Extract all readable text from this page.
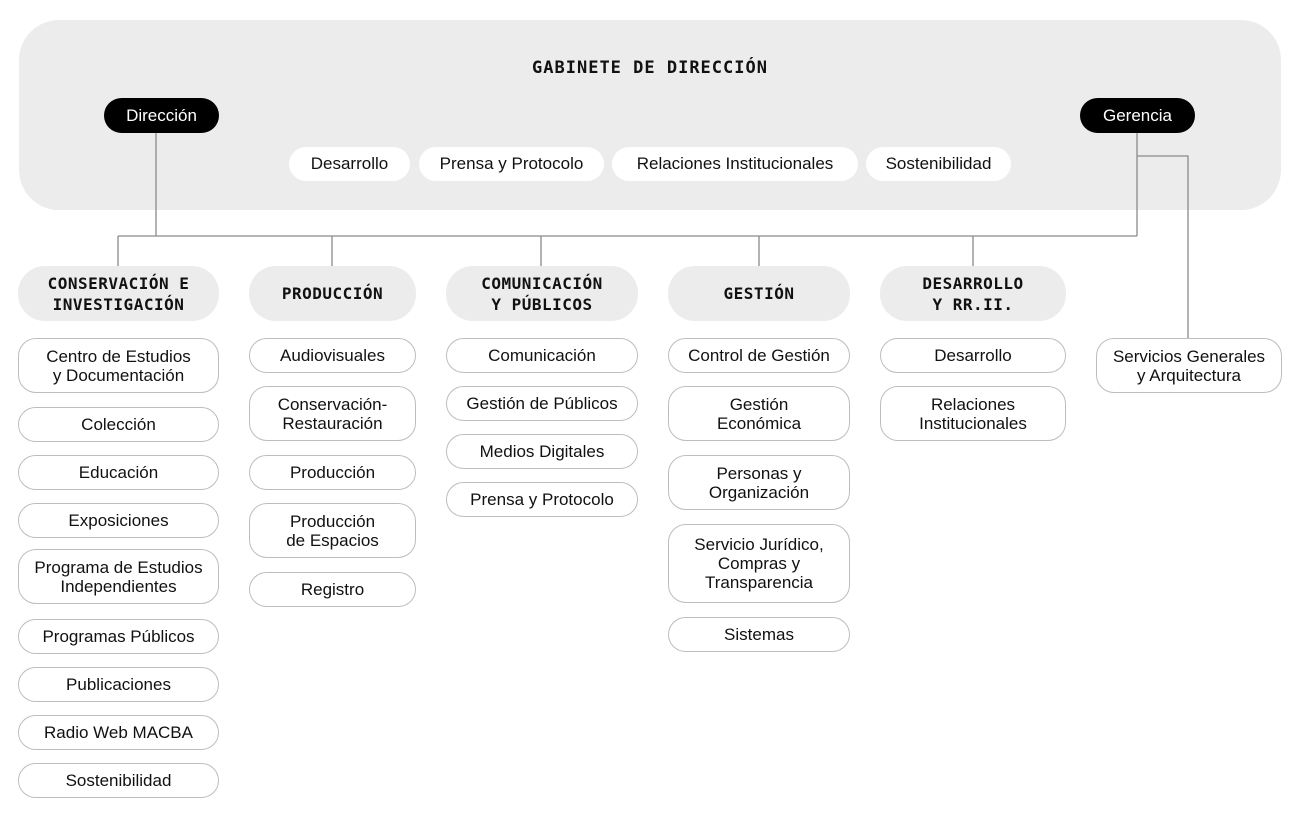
GABINETE DE DIRECCIÓN
Dirección	Gerencia
Desarrollo	Prensa y Protocolo	Relaciones Institucionales	Sostenibilidad
CONSERVACIÓN E
INVESTIGACIÓN
PRODUCCIÓN
COMUNICACIÓN
Y PÚBLICOS
GESTIÓN
DESARROLLO
Y RR.II.
Centro de Estudios
y Documentación
Colección
Educación
Exposiciones
Programa de Estudios
Independientes
Programas Públicos
Publicaciones
Radio Web MACBA
Sostenibilidad
Audiovisuales
Conservación-
Restauración
Producción
Producción
de Espacios
Registro
Comunicación
Gestión de Públicos
Medios Digitales
Prensa y Protocolo
Control de Gestión
Gestión
Económica
Personas y
Organización
Servicio Jurídico,
Compras y
Transparencia
Sistemas
Desarrollo
Relaciones
Institucionales
Servicios Generales
y Arquitectura
